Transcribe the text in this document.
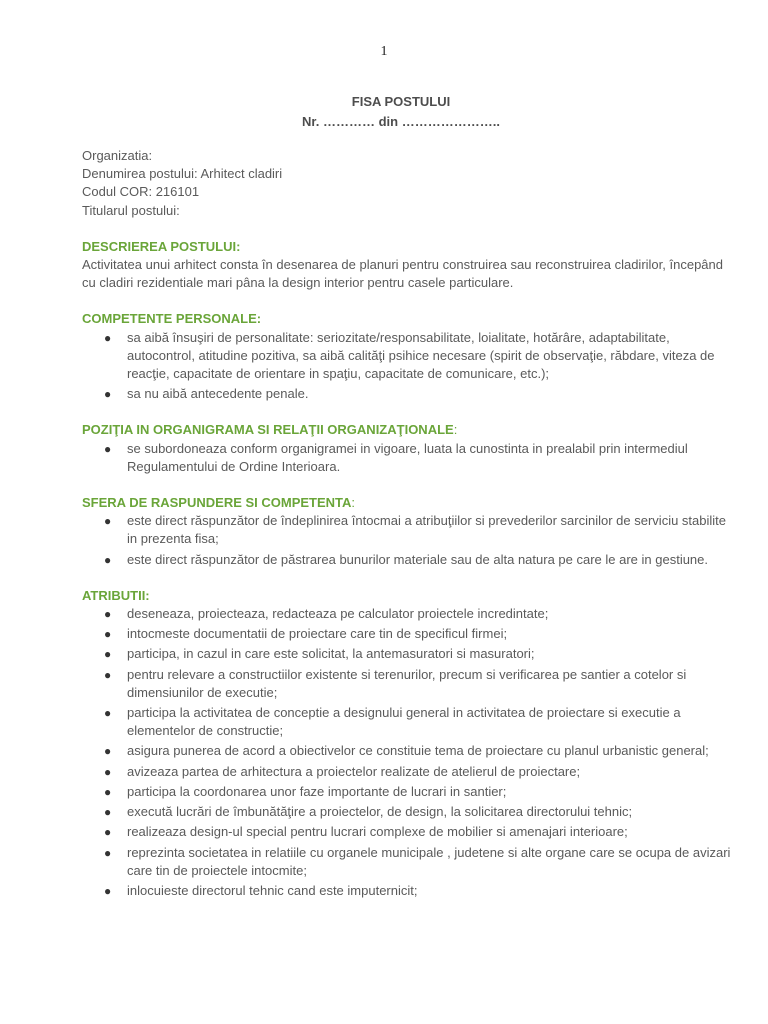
1
FISA POSTULUI
Nr. ………… din …………………..

Organizatia:

Denumirea postului: Arhitect cladiri

Codul COR: 216101

Titularul postului:

DESCRIEREA POSTULUI:

Activitatea unui arhitect consta în desenarea de planuri pentru construirea sau reconstruirea cladirilor, începând cu cladiri rezidentiale mari pâna la design interior pentru casele particulare.

COMPETENTE PERSONALE:

● sa aibă însuşiri de personalitate: seriozitate/responsabilitate, loialitate, hotărâre, adaptabilitate, autocontrol, atitudine pozitiva, sa aibă calităţi psihice necesare (spirit de observaţie, răbdare, viteza de reacţie, capacitate de orientare in spaţiu, capacitate de comunicare, etc.);
● sa nu aibă antecedente penale.

POZIŢIA IN ORGANIGRAMA SI RELAŢII ORGANIZAŢIONALE:

● se subordoneaza conform organigramei in vigoare, luata la cunostinta in prealabil prin intermediul Regulamentului de Ordine Interioara.

SFERA DE RASPUNDERE SI COMPETENTA:

● este direct răspunzător de îndeplinirea întocmai a atribuţiilor si prevederilor sarcinilor de serviciu stabilite in prezenta fisa;
● este direct răspunzător de păstrarea bunurilor materiale sau de alta natura pe care le are in gestiune.

ATRIBUTII:

● deseneaza, proiecteaza, redacteaza pe calculator proiectele incredintate;
● intocmeste documentatii de proiectare care tin de specificul firmei;
● participa, in cazul in care este solicitat, la antemasuratori si masuratori;
● pentru relevare a constructiilor existente si terenurilor, precum si verificarea pe santier a cotelor si dimensiunilor de executie;
● participa la activitatea de conceptie a designului general in activitatea de proiectare si executie a elementelor de constructie;
● asigura punerea de acord a obiectivelor ce constituie tema de proiectare cu planul urbanistic general;
● avizeaza partea de arhitectura a proiectelor realizate de atelierul de proiectare;
● participa la coordonarea unor faze importante de lucrari in santier;
● execută lucrări de îmbunătăţire a proiectelor, de design, la solicitarea directorului tehnic;
● realizeaza design-ul special pentru lucrari complexe de mobilier si amenajari interioare;
● reprezinta societatea in relatiile cu organele municipale , judetene si alte organe care se ocupa de avizari care tin de proiectele intocmite;
● inlocuieste directorul tehnic cand este imputernicit;
